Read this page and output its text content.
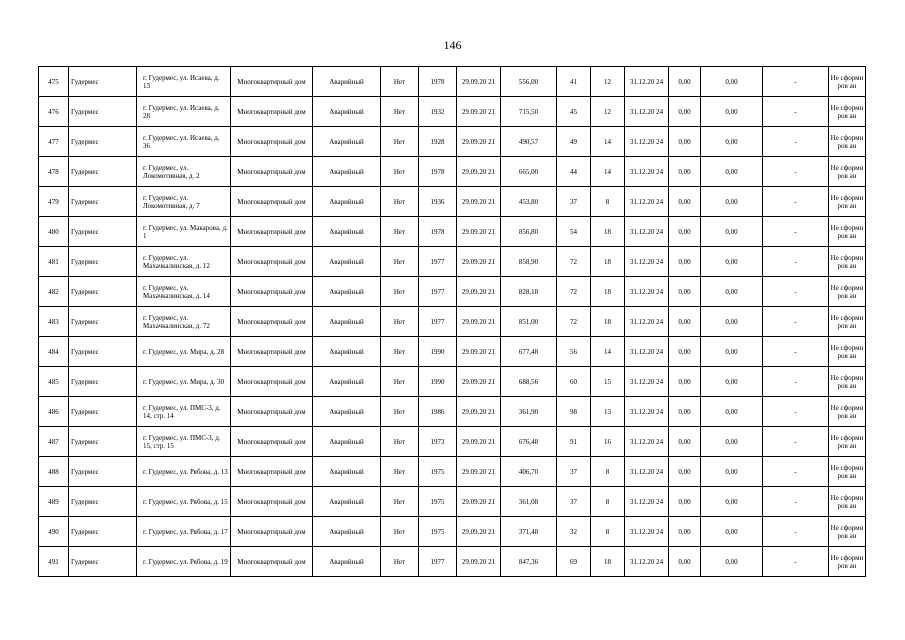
146
475	Гудермес	г. Гудермес, ул. Исаева, д. 13	Многоквартирный дом	Аварийный	Нет	1978	29.09.20 21	556,00	41	12	31.12.20 24	0,00	0,00	-	Не сформиров ан
476	Гудермес	г. Гудермес, ул. Исаева, д. 28	Многоквартирный дом	Аварийный	Нет	1932	29.09.20 21	715,50	45	12	31.12.20 24	0,00	0,00	-	Не сформиров ан
477	Гудермес	г. Гудермес, ул. Исаева, д. 36	Многоквартирный дом	Аварийный	Нет	1928	29.09.20 21	490,57	49	14	31.12.20 24	0,00	0,00	-	Не сформиров ан
478	Гудермес	г. Гудермес, ул. Локомотивная, д. 2	Многоквартирный дом	Аварийный	Нет	1978	29.09.20 21	665,00	44	14	31.12.20 24	0,00	0,00	-	Не сформиров ан
479	Гудермес	г. Гудермес, ул. Локомотивная, д. 7	Многоквартирный дом	Аварийный	Нет	1936	29.09.20 21	453,80	37	8	31.12.20 24	0,00	0,00	-	Не сформиров ан
480	Гудермес	г. Гудермес, ул. Макарова, д. 1	Многоквартирный дом	Аварийный	Нет	1978	29.09.20 21	856,80	54	18	31.12.20 24	0,00	0,00	-	Не сформиров ан
481	Гудермес	г. Гудермес, ул. Махачкалинская, д. 12	Многоквартирный дом	Аварийный	Нет	1977	29.09.20 21	858,90	72	18	31.12.20 24	0,00	0,00	-	Не сформиров ан
482	Гудермес	г. Гудермес, ул. Махачкалинская, д. 14	Многоквартирный дом	Аварийный	Нет	1977	29.09.20 21	828,18	72	18	31.12.20 24	0,00	0,00	-	Не сформиров ан
483	Гудермес	г. Гудермес, ул. Махачкалинская, д. 72	Многоквартирный дом	Аварийный	Нет	1977	29.09.20 21	851,00	72	18	31.12.20 24	0,00	0,00	-	Не сформиров ан
484	Гудермес	г. Гудермес, ул. Мира, д. 28	Многоквартирный дом	Аварийный	Нет	1990	29.09.20 21	677,48	56	14	31.12.20 24	0,00	0,00	-	Не сформиров ан
485	Гудермес	г. Гудермес, ул. Мира, д. 30	Многоквартирный дом	Аварийный	Нет	1990	29.09.20 21	688,56	60	15	31.12.20 24	0,00	0,00	-	Не сформиров ан
486	Гудермес	г. Гудермес, ул. ПМС-3, д. 14, стр. 14	Многоквартирный дом	Аварийный	Нет	1986	29.09.20 21	361,90	98	13	31.12.20 24	0,00	0,00	-	Не сформиров ан
487	Гудермес	г. Гудермес, ул. ПМС-3, д. 15, стр. 15	Многоквартирный дом	Аварийный	Нет	1973	29.09.20 21	676,48	91	16	31.12.20 24	0,00	0,00	-	Не сформиров ан
488	Гудермес	г. Гудермес, ул. Рябова, д. 13	Многоквартирный дом	Аварийный	Нет	1975	29.09.20 21	406,70	37	8	31.12.20 24	0,00	0,00	-	Не сформиров ан
489	Гудермес	г. Гудермес, ул. Рябова, д. 15	Многоквартирный дом	Аварийный	Нет	1975	29.09.20 21	361,08	37	8	31.12.20 24	0,00	0,00	-	Не сформиров ан
490	Гудермес	г. Гудермес, ул. Рябова, д. 17	Многоквартирный дом	Аварийный	Нет	1975	29.09.20 21	371,48	32	8	31.12.20 24	0,00	0,00	-	Не сформиров ан
491	Гудермес	г. Гудермес, ул. Рябова, д. 19	Многоквартирный дом	Аварийный	Нет	1977	29.09.20 21	847,36	69	18	31.12.20 24	0,00	0,00	-	Не сформиров ан
